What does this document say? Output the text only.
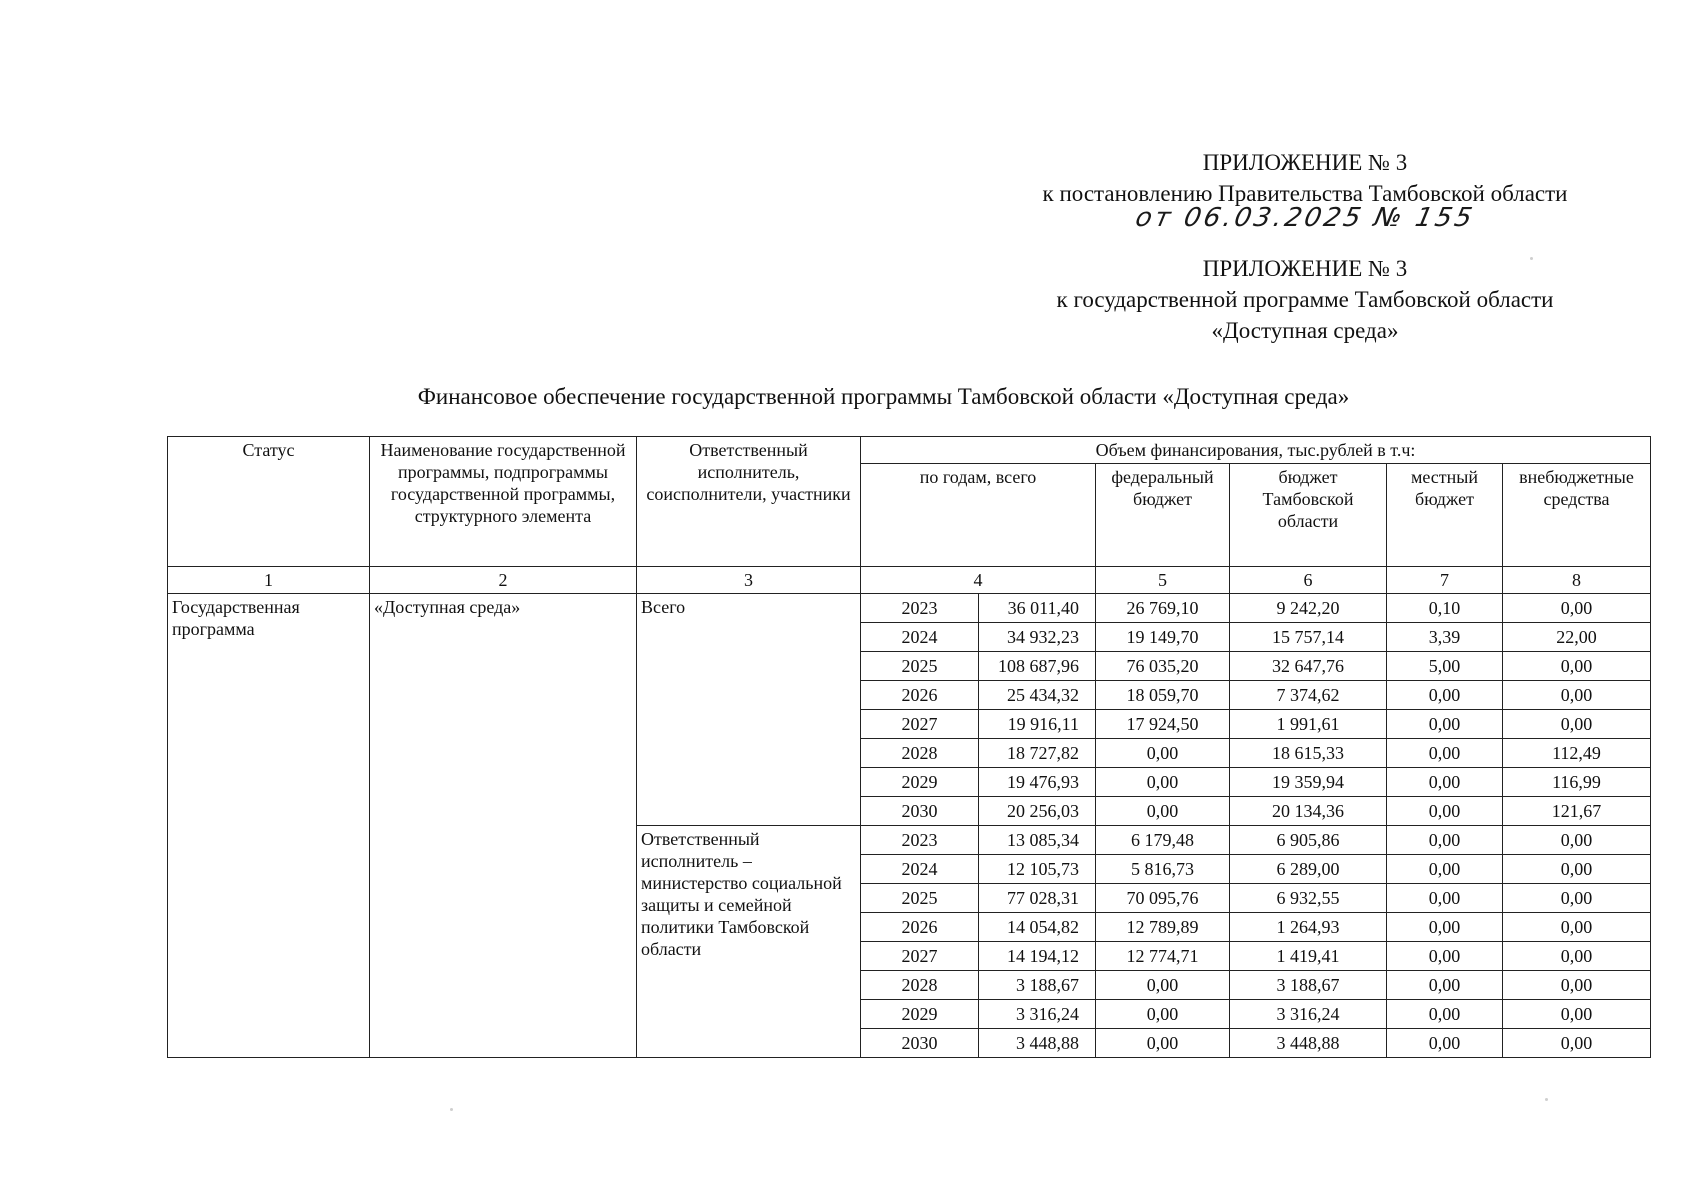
ПРИЛОЖЕНИЕ № 3
к постановлению Правительства Тамбовской области
от 06.03.2025 № 155
ПРИЛОЖЕНИЕ № 3
к государственной программе Тамбовской области
«Доступная среда»
Финансовое обеспечение государственной программы Тамбовской области «Доступная среда»
Статус	Наименование государственной программы, подпрограммы государственной программы, структурного элемента	Ответственный исполнитель, соисполнители, участники	Объем финансирования, тыс.рублей в т.ч:					
			по годам, всего		федеральный бюджет	бюджет Тамбовской области	местный бюджет	внебюджетные средства
1	2	3	4		5	6	7	8
Государственная программа	«Доступная среда»	Всего	2023	36 011,40	26 769,10	9 242,20	0,10	0,00
			2024	34 932,23	19 149,70	15 757,14	3,39	22,00
			2025	108 687,96	76 035,20	32 647,76	5,00	0,00
			2026	25 434,32	18 059,70	7 374,62	0,00	0,00
			2027	19 916,11	17 924,50	1 991,61	0,00	0,00
			2028	18 727,82	0,00	18 615,33	0,00	112,49
			2029	19 476,93	0,00	19 359,94	0,00	116,99
			2030	20 256,03	0,00	20 134,36	0,00	121,67
		Ответственный исполнитель – министерство социальной защиты и семейной политики Тамбовской области	2023	13 085,34	6 179,48	6 905,86	0,00	0,00
			2024	12 105,73	5 816,73	6 289,00	0,00	0,00
			2025	77 028,31	70 095,76	6 932,55	0,00	0,00
			2026	14 054,82	12 789,89	1 264,93	0,00	0,00
			2027	14 194,12	12 774,71	1 419,41	0,00	0,00
			2028	3 188,67	0,00	3 188,67	0,00	0,00
			2029	3 316,24	0,00	3 316,24	0,00	0,00
			2030	3 448,88	0,00	3 448,88	0,00	0,00
